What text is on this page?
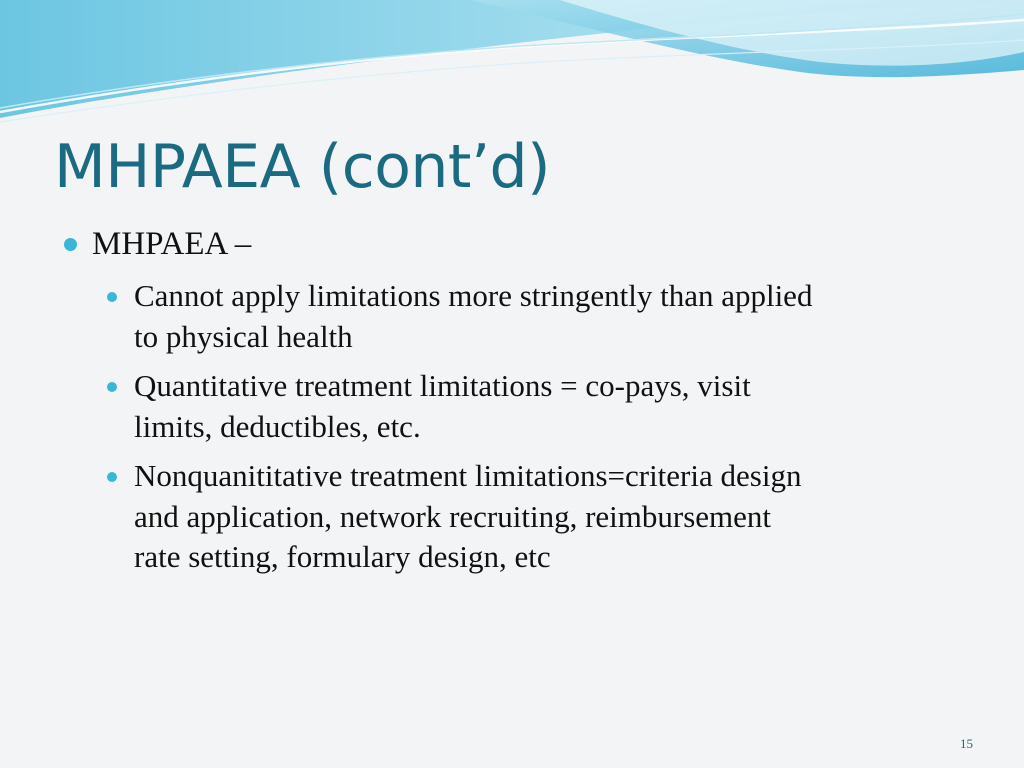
MHPAEA (cont’d)
MHPAEA –
Cannot apply limitations more stringently than applied
to physical health
Quantitative treatment limitations = co-pays, visit
limits, deductibles, etc.
Nonquanititative treatment limitations=criteria design
and application, network recruiting, reimbursement
rate setting, formulary design, etc
15
